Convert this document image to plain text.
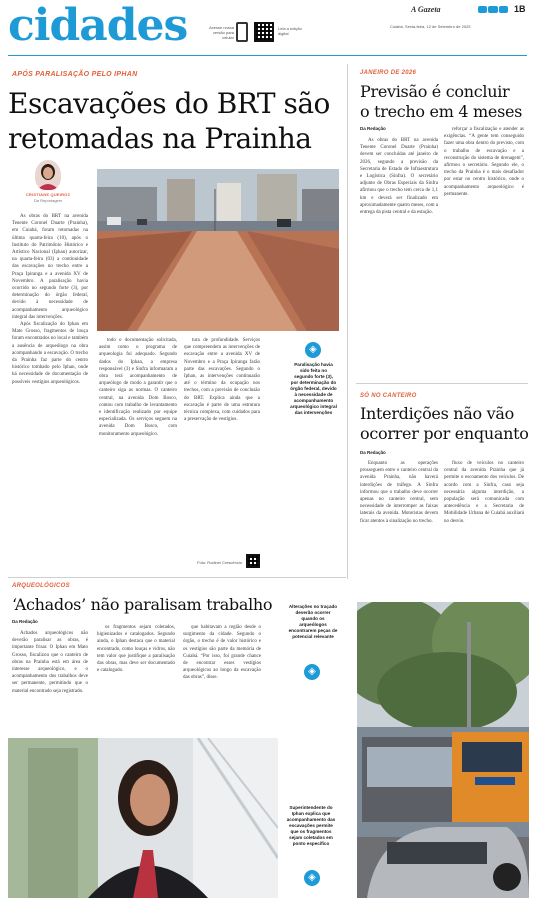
cidades	Acesse nossa versão para celular
Leia a edição digital
A Gazeta	1B
Cuiabá, Sexta-feira, 12 de Setembro de 2025
APÓS PARALISAÇÃO PELO IPHAN
Escavações do BRT são
retomadas na Prainha
CRISTIANE QUEIROZ
Da Reportagem

As obras do BRT na avenida Tenente Coronel Duarte (Prainha), em Cuiabá, foram retomadas na última quarta-feira (10), após o Instituto do Patrimônio Histórico e Artístico Nacional (Iphan) autorizar, na quarta-feira (03) a continuidade das escavações no trecho entre a Praça Ipiranga e a avenida XV de Novembro. A paralisação havia ocorrido no segundo forte (3), por determinação do órgão federal, devido à necessidade de acompanhamento arqueológico integral das intervenções.

Após fiscalização do Iphan em Mato Grosso, fragmentos de louça foram encontrados no local e também a ausência de arqueólogo na obra acompanhando a escavação. O trecho da Prainha faz parte do centro histórico tombado pelo Iphan, onde há necessidade de documentação de possíveis vestígios arqueológicos.

todo o documentação solicitada, assim como o programa de arqueologia foi adequado. Segundo dados do Iphan, a empresa responsável (3) e Sinfra informaram a obra terá acompanhamento de arqueólogo de modo a garantir que o canteiro siga as normas. O canteiro central, na avenida Dom Bosco, contou com trabalho de levantamento e identificação realizado por equipe especializada. Os serviços seguem na avenida Dom Bosco, com monitoramento arqueológico.

tura de profundidade. Serviços que compreendem as intervenções de escavação entre a avenida XV de Novembro e a Praça Ipiranga farão parte das escavações. Segundo o Iphan, as intervenções continuarão até o término da ocupação nos trechos, com a previsão de conclusão do BRT. Explica ainda que a escavação é parte de uma estrutura técnica complexa, com cuidados para a preservação de vestígios.

◈
Paralisação havia sido feita no segundo forte (3), por determinação do órgão federal, devido à necessidade de acompanhamento arqueológico integral das intervenções
Foto: Rodinei Crescêncio
JANEIRO DE 2026
Previsão é concluir
o trecho em 4 meses
Da Redação

As obras do BRT na avenida Tenente Coronel Duarte (Prainha) devem ser concluídas até janeiro de 2026, segundo a previsão da Secretaria de Estado de Infraestrutura e Logística (Sinfra). O secretário adjunto de Obras Especiais da Sinfra afirmou que o trecho tem cerca de 1,1 km e deverá ser finalizado em aproximadamente quatro meses, com a entrega da pista central e da estação.

reforçar a fiscalização e atender as exigências. “A gente tem conseguido fazer uma obra dentro do previsto, com o trabalho de escavação e a reconstrução do sistema de drenagem”, afirmou o secretário. Segundo ele, o trecho da Prainha é o mais desafiador por estar no centro histórico, onde o acompanhamento arqueológico é permanente.

SÓ NO CANTEIRO
Interdições não vão
ocorrer por enquanto
Da Redação

Enquanto as operações prosseguem entre o canteiro central da avenida Prainha, não haverá interdições de tráfego. A Sinfra informou que o trabalho deve ocorrer apenas no canteiro central, sem necessidade de interromper as faixas laterais da avenida. Motoristas devem ficar atentos à sinalização no trecho.

fluxo de veículos no canteiro central da avenida Prainha que já permite o escoamento dos veículos. De acordo com a Sinfra, caso seja necessária alguma interdição, a população será comunicada com antecedência e a Secretaria de Mobilidade Urbana de Cuiabá auxiliará no desvio.

ARQUEOLÓGICOS
‘Achados’ não paralisam trabalho
Da Redação

Achados arqueológicos não deverão paralisar as obras, é importante frisar. O Iphan em Mato Grosso, fiscalizou que o canteiro de obras na Prainha está em área de interesse arqueológico, e o acompanhamento dos trabalhos deve ser permanente, permitindo que o material encontrado seja registrado.

os fragmentos sejam coletados, higienizados e catalogados. Segundo ainda, o Iphan destaca que o material encontrado, como louças e vidros, não tem valor que justifique a paralisação das obras, mas deve ser documentado e catalogado.

que habitavam a região desde o surgimento da cidade. Segundo o órgão, o trecho é de valor histórico e os vestígios são parte da memória de Cuiabá. “Por isso, foi grande chance de encontrar esses vestígios arqueológicos ao longo da escavação das obras”, disse.

Alterações no traçado deverão ocorrer quando os arqueólogos encontrarem peças de potencial relevante
◈
Superintendente do Iphan explica que acompanhamento das escavações permite que os fragmentos sejam coletados em ponto específico
◈
